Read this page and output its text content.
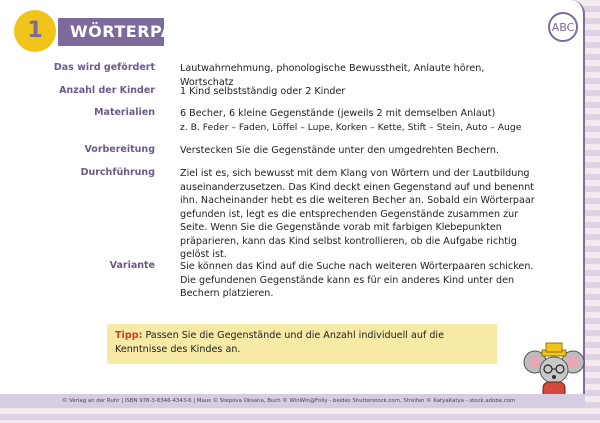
1	WÖRTERPAARE	ABC
Das wird gefördert	Lautwahrnehmung, phonologische Bewusstheit, Anlaute hören, Wortschatz
Anzahl der Kinder	1 Kind selbstständig oder 2 Kinder
Materialien	6 Becher, 6 kleine Gegenstände (jeweils 2 mit demselben Anlaut)
z. B. Feder – Faden, Löffel – Lupe, Korken – Kette, Stift – Stein, Auto – Auge
Vorbereitung	Verstecken Sie die Gegenstände unter den umgedrehten Bechern.
Durchführung	Ziel ist es, sich bewusst mit dem Klang von Wörtern und der Lautbildung auseinanderzusetzen. Das Kind deckt einen Gegenstand auf und benennt ihn. Nacheinander hebt es die weiteren Becher an. Sobald ein Wörterpaar gefunden ist, legt es die entsprechenden Gegenstände zusammen zur Seite. Wenn Sie die Gegenstände vorab mit farbigen Klebepunkten präparieren, kann das Kind selbst kontrollieren, ob die Aufgabe richtig gelöst ist.
Variante	Sie können das Kind auf die Suche nach weiteren Wörterpaaren schicken. Die gefundenen Gegenstände kann es für ein anderes Kind unter den Bechern platzieren.
Tipp: Passen Sie die Gegenstände und die Anzahl individuell auf die Kenntnisse des Kindes an.
© Verlag an der Ruhr | ISBN 978-3-8346-4343-6 | Maus © Stepova Oksana, Buch © WinWin@Folly - beides Shutterstock.com, Streifen © KatyaKatya - stock.adobe.com
